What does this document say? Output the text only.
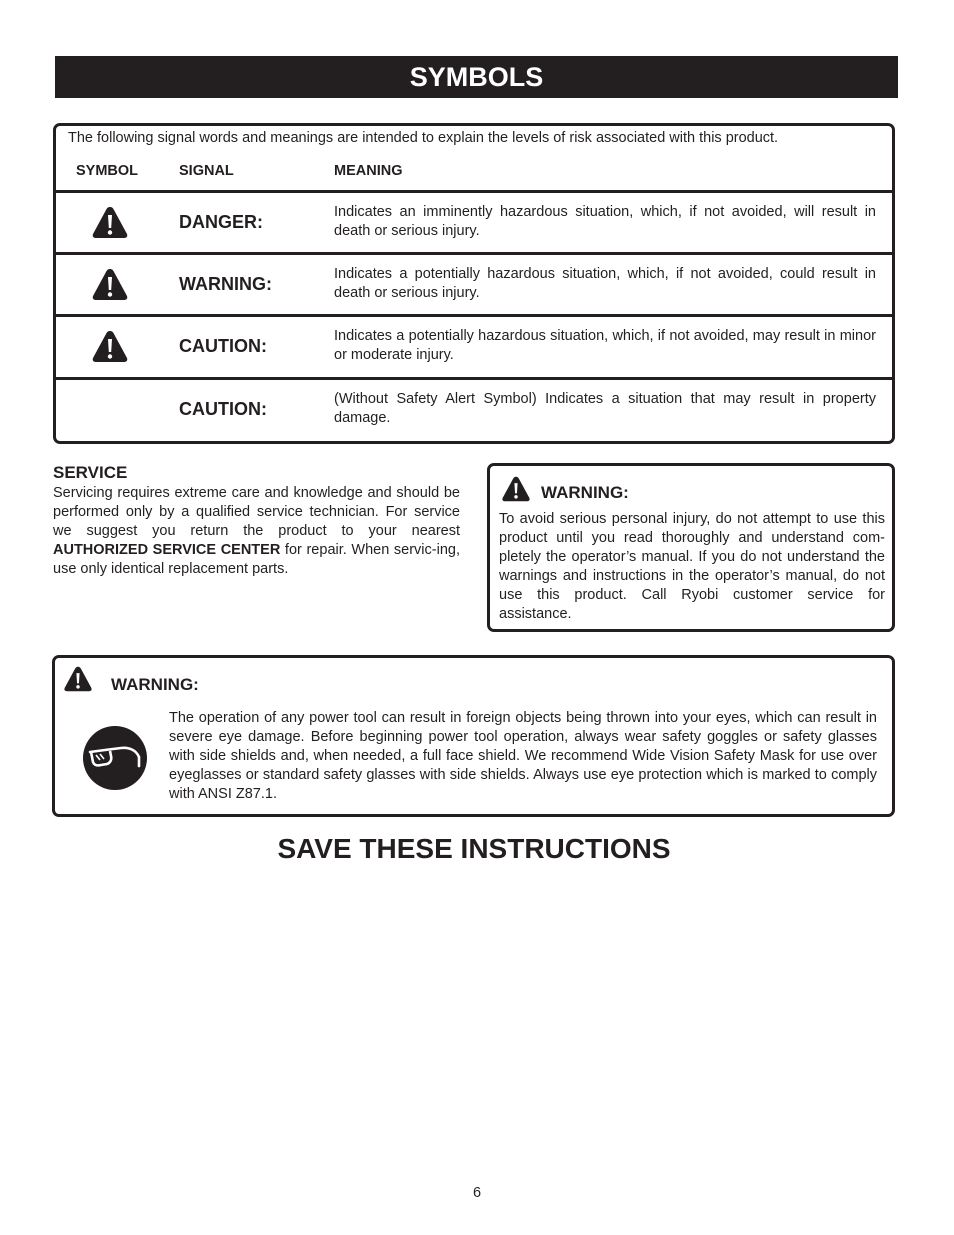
SYMBOLS
The following signal words and meanings are intended to explain the levels of risk associated with this product.
SYMBOL	SIGNAL	MEANING
DANGER:	Indicates an imminently hazardous situation, which, if not avoided, will result in death or serious injury.
WARNING:	Indicates a potentially hazardous situation, which, if not avoided, could result in death or serious injury.
CAUTION:	Indicates a potentially hazardous situation, which, if not avoided, may result in minor or moderate injury.
CAUTION:	(Without Safety Alert Symbol) Indicates a situation that may result in property damage.
SERVICE
Servicing requires extreme care and knowledge and should be performed only by a qualified service technician. For service we suggest you return the product to your nearest AUTHORIZED SERVICE CENTER for repair. When servic-ing, use only identical replacement parts.
WARNING:
To avoid serious personal injury, do not attempt to use this product until you read thoroughly and understand com-pletely the operator’s manual. If you do not understand the warnings and instructions in the operator’s manual, do not use this product. Call Ryobi customer service for assistance.
WARNING:
The operation of any power tool can result in foreign objects being thrown into your eyes, which can result in severe eye damage. Before beginning power tool operation, always wear safety goggles or safety glasses with side shields and, when needed, a full face shield. We recommend Wide Vision Safety Mask for use over eyeglasses or standard safety glasses with side shields. Always use eye protection which is marked to comply with ANSI Z87.1.
SAVE THESE INSTRUCTIONS
6
